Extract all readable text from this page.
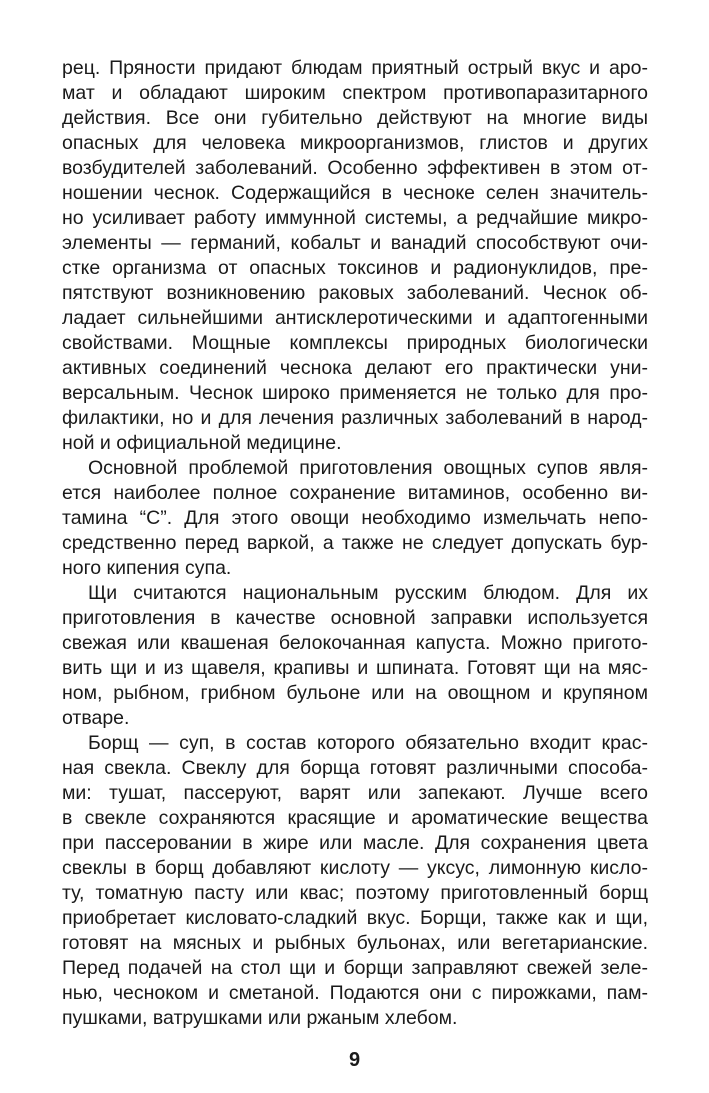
рец. Пряности придают блюдам приятный острый вкус и аро-
мат и обладают широким спектром противопаразитарного
действия. Все они губительно действуют на многие виды
опасных для человека микроорганизмов, глистов и других
возбудителей заболеваний. Особенно эффективен в этом от-
ношении чеснок. Содержащийся в чесноке селен значитель-
но усиливает работу иммунной системы, а редчайшие микро-
элементы — германий, кобальт и ванадий способствуют очи-
стке организма от опасных токсинов и радионуклидов, пре-
пятствуют возникновению раковых заболеваний. Чеснок об-
ладает сильнейшими антисклеротическими и адаптогенными
свойствами. Мощные комплексы природных биологически
активных соединений чеснока делают его практически уни-
версальным. Чеснок широко применяется не только для про-
филактики, но и для лечения различных заболеваний в народ-
ной и официальной медицине.
Основной проблемой приготовления овощных супов явля-
ется наиболее полное сохранение витаминов, особенно ви-
тамина “С”. Для этого овощи необходимо измельчать непо-
средственно перед варкой, а также не следует допускать бур-
ного кипения супа.
Щи считаются национальным русским блюдом. Для их
приготовления в качестве основной заправки используется
свежая или квашеная белокочанная капуста. Можно пригото-
вить щи и из щавеля, крапивы и шпината. Готовят щи на мяс-
ном, рыбном, грибном бульоне или на овощном и крупяном
отваре.
Борщ — суп, в состав которого обязательно входит крас-
ная свекла. Свеклу для борща готовят различными способа-
ми: тушат, пассеруют, варят или запекают. Лучше всего
в свекле сохраняются красящие и ароматические вещества
при пассеровании в жире или масле. Для сохранения цвета
свеклы в борщ добавляют кислоту — уксус, лимонную кисло-
ту, томатную пасту или квас; поэтому приготовленный борщ
приобретает кисловато-сладкий вкус. Борщи, также как и щи,
готовят на мясных и рыбных бульонах, или вегетарианские.
Перед подачей на стол щи и борщи заправляют свежей зеле-
нью, чесноком и сметаной. Подаются они с пирожками, пам-
пушками, ватрушками или ржаным хлебом.
9
